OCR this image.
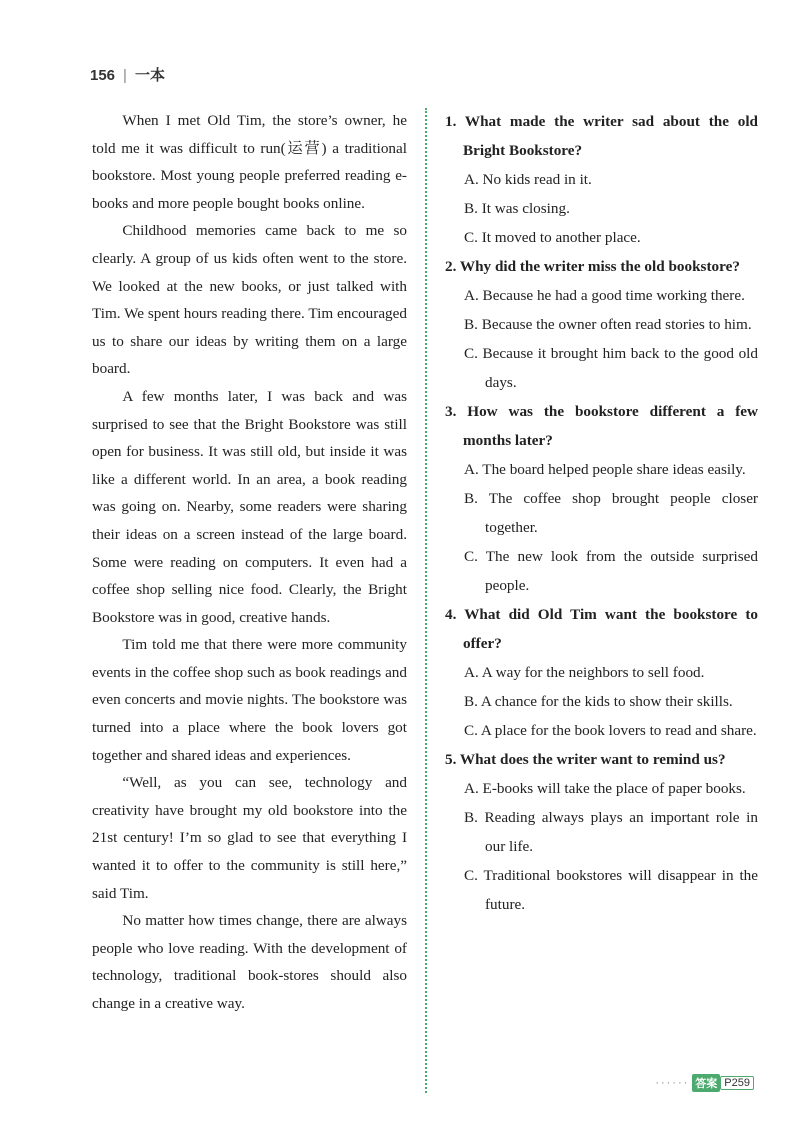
156 | 一本

When I met Old Tim, the store’s owner, he told me it was difficult to run(运营) a traditional bookstore. Most young people preferred reading e-books and more people bought books online.

Childhood memories came back to me so clearly. A group of us kids often went to the store. We looked at the new books, or just talked with Tim. We spent hours reading there. Tim encouraged us to share our ideas by writing them on a large board.

A few months later, I was back and was surprised to see that the Bright Bookstore was still open for business. It was still old, but inside it was like a different world. In an area, a book reading was going on. Nearby, some readers were sharing their ideas on a screen instead of the large board. Some were reading on computers. It even had a coffee shop selling nice food. Clearly, the Bright Bookstore was in good, creative hands.

Tim told me that there were more community events in the coffee shop such as book readings and even concerts and movie nights. The bookstore was turned into a place where the book lovers got together and shared ideas and experiences.

“Well, as you can see, technology and creativity have brought my old bookstore into the 21st century! I’m so glad to see that everything I wanted it to offer to the community is still here,” said Tim.

No matter how times change, there are always people who love reading. With the development of technology, traditional book-stores should also change in a creative way.

1. What made the writer sad about the old Bright Bookstore?

A. No kids read in it.

B. It was closing.

C. It moved to another place.

2. Why did the writer miss the old bookstore?

A. Because he had a good time working there.

B. Because the owner often read stories to him.

C. Because it brought him back to the good old days.

3. How was the bookstore different a few months later?

A. The board helped people share ideas easily.

B. The coffee shop brought people closer together.

C. The new look from the outside surprised people.

4. What did Old Tim want the bookstore to offer?

A. A way for the neighbors to sell food.

B. A chance for the kids to show their skills.

C. A place for the book lovers to read and share.

5. What does the writer want to remind us?

A. E-books will take the place of paper books.

B. Reading always plays an important role in our life.

C. Traditional bookstores will disappear in the future.

······ 答案 P259
